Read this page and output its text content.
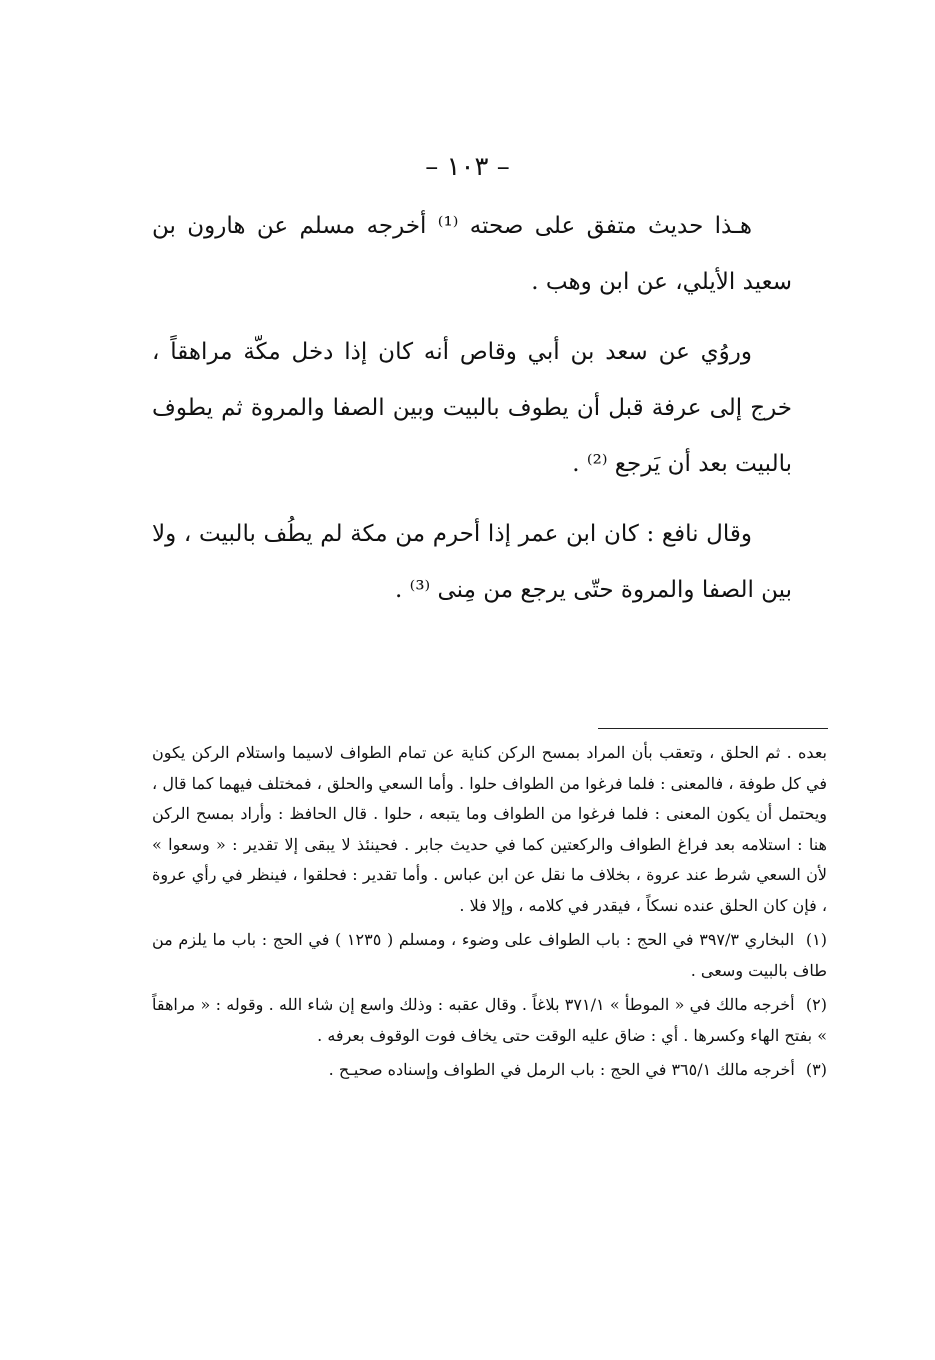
– ١٠٣ –

هـذا حديث متفق على صحته ⁽¹⁾ أخرجه مسلم عن هارون بن سعيد الأيلي، عن ابن وهب .

وروُي عن سعد بن أبي وقاص أنه كان إذا دخل مكّة مراهقاً ، خرج إلى عرفة قبل أن يطوف بالبيت وبين الصفا والمروة ثم يطوف بالبيت بعد أن يَرجع ⁽²⁾ .

وقال نافع : كان ابن عمر إذا أحرم من مكة لم يطُف بالبيت ، ولا بين الصفا والمروة حتّى يرجع من مِنى ⁽³⁾ .

بعده . ثم الحلق ، وتعقب بأن المراد بمسح الركن كناية عن تمام الطواف لاسيما واستلام الركن يكون في كل طوفة ، فالمعنى : فلما فرغوا من الطواف حلوا . وأما السعي والحلق ، فمختلف فيهما كما قال ، ويحتمل أن يكون المعنى : فلما فرغوا من الطواف وما يتبعه ، حلوا . قال الحافظ : وأراد بمسح الركن هنا : استلامه بعد فراغ الطواف والركعتين كما في حديث جابر . فحينئذ لا يبقى إلا تقدير : « وسعوا » لأن السعي شرط عند عروة ، بخلاف ما نقل عن ابن عباس . وأما تقدير : فحلقوا ، فينظر في رأي عروة ، فإن كان الحلق عنده نسكاً ، فيقدر في كلامه ، وإلا فلا .

(١) البخاري ٣٩٧/٣ في الحج : باب الطواف على وضوء ، ومسلم ( ١٢٣٥ ) في الحج : باب ما يلزم من طاف بالبيت وسعى .

(٢) أخرجه مالك في « الموطأ » ٣٧١/١ بلاغاً . وقال عقبه : وذلك واسع إن شاء الله . وقوله : « مراهقاً » بفتح الهاء وكسرها . أي : ضاق عليه الوقت حتى يخاف فوت الوقوف بعرفه .

(٣) أخرجه مالك ٣٦٥/١ في الحج : باب الرمل في الطواف وإسناده صحيـح .
